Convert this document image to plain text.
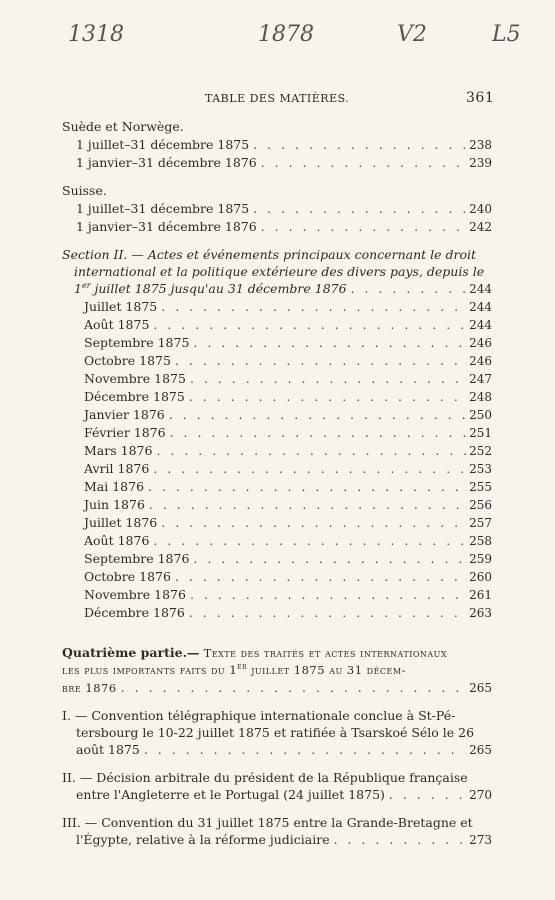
1318	1878	V2	L5
TABLE DES MATIÈRES.	361
Suède et Norwège.
1 juillet–31 décembre 1875 . . .	238
1 janvier–31 décembre 1876 . . .	239
Suisse.
1 juillet–31 décembre 1875 . . .	240
1 janvier–31 décembre 1876 . . .	242
Section II. — Actes et événements principaux concernant le droit
international et la politique extérieure des divers pays, depuis le
1er juillet 1875 jusqu'au 31 décembre 1876 . . .	244
Juillet 1875 . . .	244
Août 1875 . . .	244
Septembre 1875 . . .	246
Octobre 1875 . . .	246
Novembre 1875 . . .	247
Décembre 1875 . . .	248
Janvier 1876 . . .	250
Février 1876 . . .	251
Mars 1876 . . .	252
Avril 1876 . . .	253
Mai 1876 . . .	255
Juin 1876 . . .	256
Juillet 1876 . . .	257
Août 1876 . . .	258
Septembre 1876 . . .	259
Octobre 1876 . . .	260
Novembre 1876 . . .	261
Décembre 1876 . . .	263
Quatrième partie.— Texte des traités et actes internationaux
les plus importants faits du 1er juillet 1875 au 31 décem-
bre 1876 . . .	265
I. — Convention télégraphique internationale conclue à St-Pé-
tersbourg le 10-22 juillet 1875 et ratifiée à Tsarskoé Sélo le 26
août 1875 . . .	265
II. — Décision arbitrale du président de la République française
entre l'Angleterre et le Portugal (24 juillet 1875) . . .	270
III. — Convention du 31 juillet 1875 entre la Grande-Bretagne et
l'Égypte, relative à la réforme judiciaire . . .	273
